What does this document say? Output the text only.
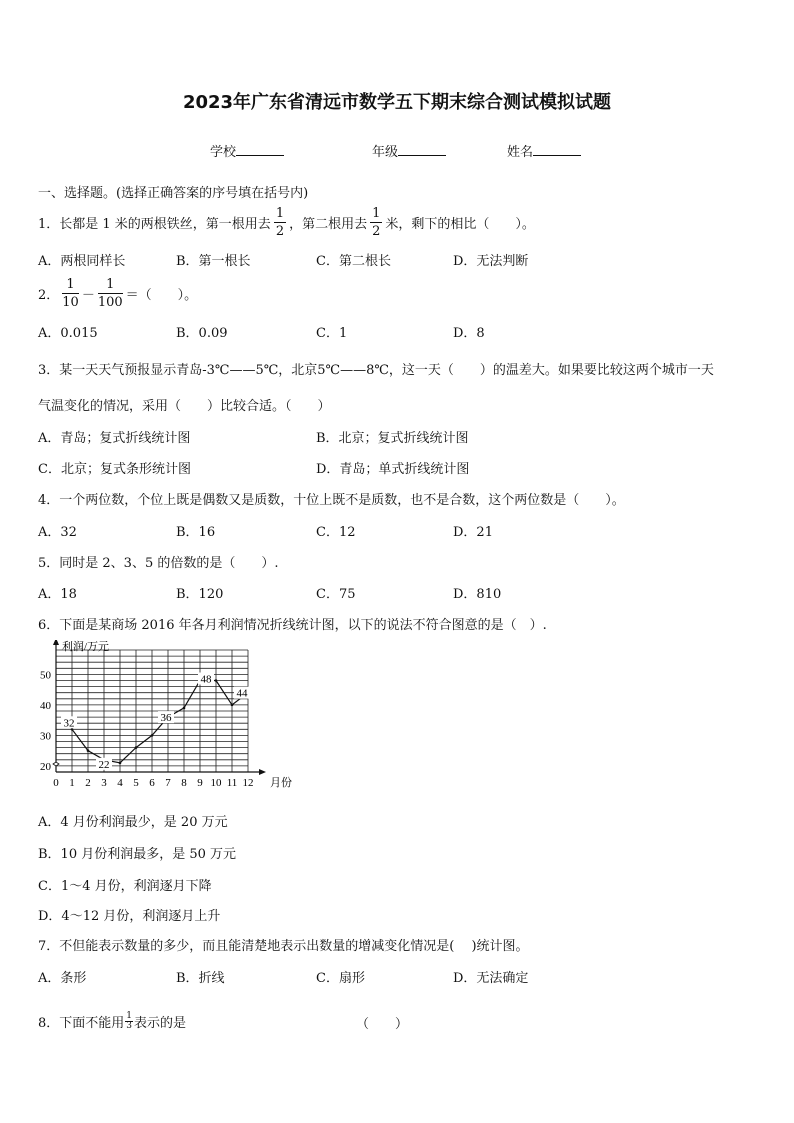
2023年广东省清远市数学五下期末综合测试模拟试题
学校	年级	姓名
一、选择题。(选择正确答案的序号填在括号内)
1．长都是 1 米的两根铁丝，第一根用去 $\frac{1}{2}$ ，第二根用去 $\frac{1}{2}$ 米，剩下的相比（　　）。
A．两根同样长	B．第一根长	C．第二根长	D．无法判断
2． $\frac{1}{10} - \frac{1}{100}$ ＝（　　）。
A．0.015	B．0.09	C．1	D．8
3．某一天天气预报显示青岛-3℃——5℃，北京5℃——8℃，这一天（　　）的温差大。如果要比较这两个城市一天
气温变化的情况，采用（　　）比较合适。（　　）
A．青岛；复式折线统计图	B．北京；复式折线统计图
C．北京；复式条形统计图	D．青岛；单式折线统计图
4．一个两位数，个位上既是偶数又是质数，十位上既不是质数，也不是合数，这个两位数是（　　）。
A．32	B．16	C．12	D．21
5．同时是 2、3、5 的倍数的是（　　）.
A．18	B．120	C．75	D．810
6．下面是某商场 2016 年各月利润情况折线统计图，以下的说法不符合图意的是（　）.
利润/万元
月份
0 1 2 3 4 5 6 7 8 9 10 11 12
20
30
40
50
32
22
36
48
44
A．4 月份利润最少，是 20 万元
B．10 月份利润最多，是 50 万元
C．1～4 月份，利润逐月下降
D．4～12 月份，利润逐月上升
7．不但能表示数量的多少，而且能清楚地表示出数量的增减变化情况是(　 )统计图。
A．条形	B．折线	C．扇形	D．无法确定
8．下面不能用 $\frac{1}{3}$ 表示的是	（　　）
